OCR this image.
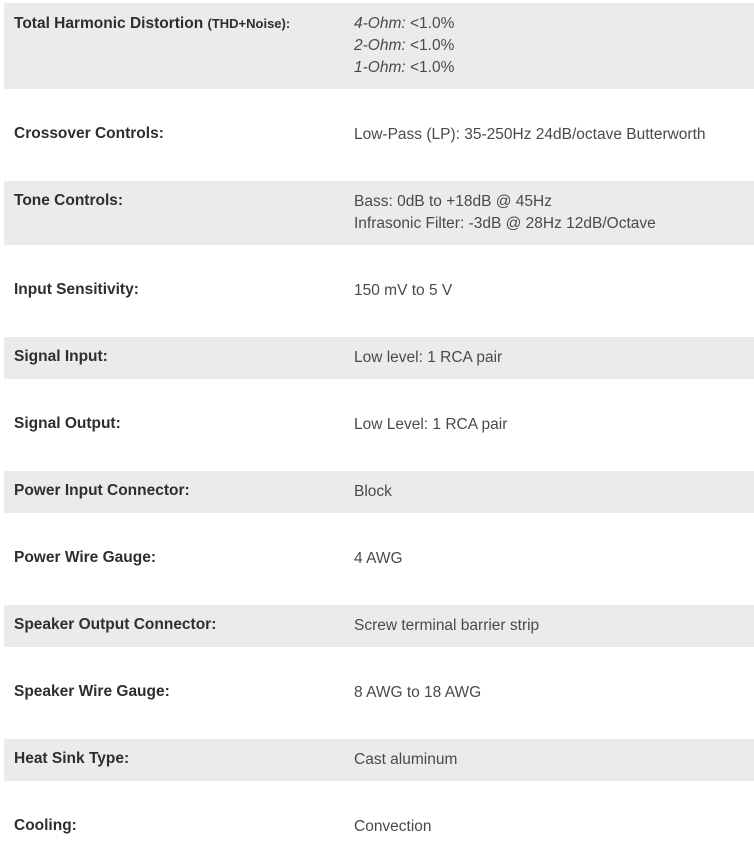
Total Harmonic Distortion (THD+Noise):	4-Ohm: <1.0%
2-Ohm: <1.0%
1-Ohm: <1.0%
Crossover Controls:	Low-Pass (LP): 35-250Hz 24dB/octave Butterworth
Tone Controls:	Bass: 0dB to +18dB @ 45Hz
Infrasonic Filter: -3dB @ 28Hz 12dB/Octave
Input Sensitivity:	150 mV to 5 V
Signal Input:	Low level: 1 RCA pair
Signal Output:	Low Level: 1 RCA pair
Power Input Connector:	Block
Power Wire Gauge:	4 AWG
Speaker Output Connector:	Screw terminal barrier strip
Speaker Wire Gauge:	8 AWG to 18 AWG
Heat Sink Type:	Cast aluminum
Cooling:	Convection
